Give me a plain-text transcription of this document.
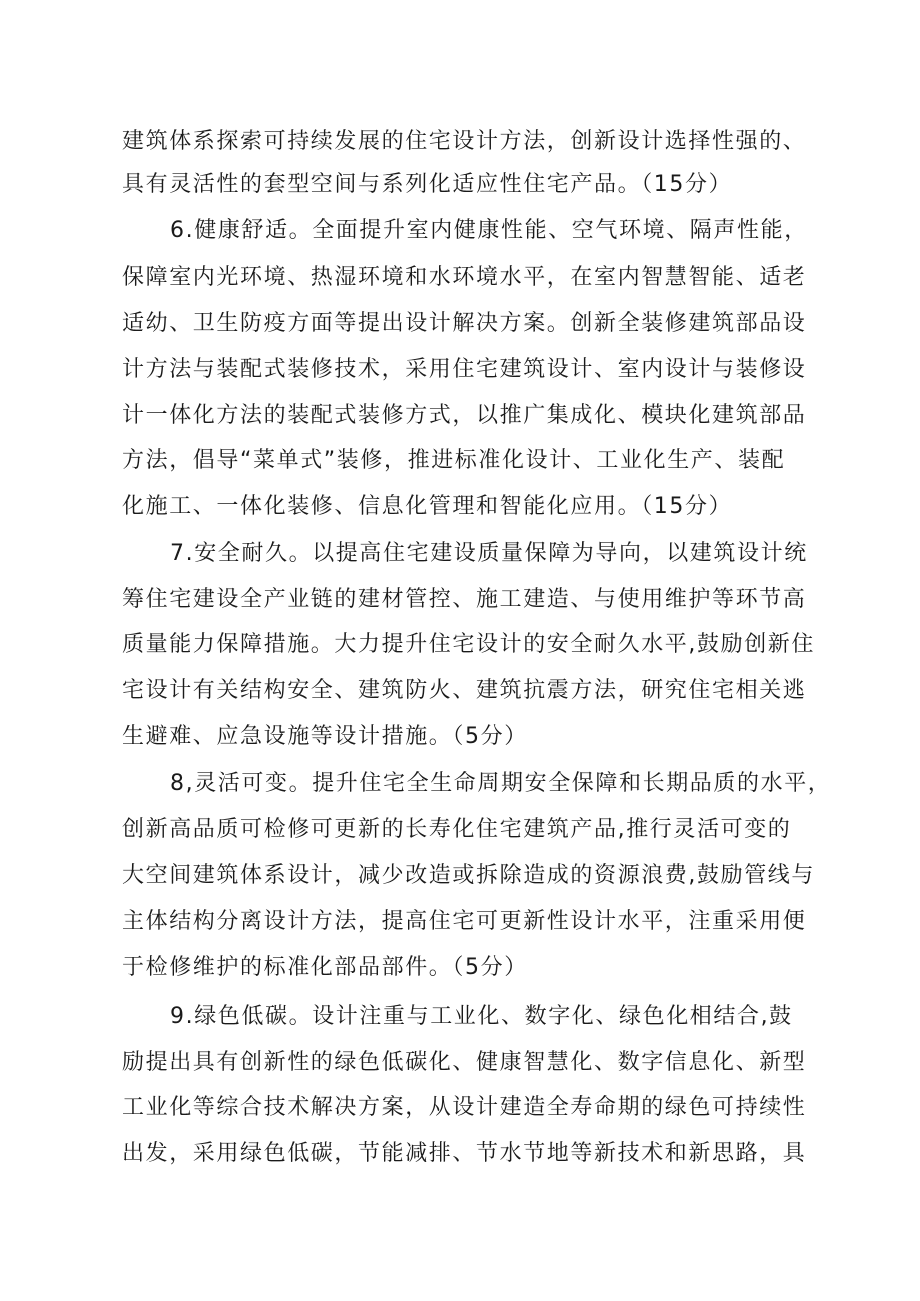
建筑体系探索可持续发展的住宅设计方法，创新设计选择性强的、
具有灵活性的套型空间与系列化适应性住宅产品。（15分）
6.健康舒适。全面提升室内健康性能、空气环境、隔声性能，
保障室内光环境、热湿环境和水环境水平，在室内智慧智能、适老
适幼、卫生防疫方面等提出设计解决方案。创新全装修建筑部品设
计方法与装配式装修技术，采用住宅建筑设计、室内设计与装修设
计一体化方法的装配式装修方式，以推广集成化、模块化建筑部品
方法，倡导“菜单式”装修，推进标准化设计、工业化生产、装配
化施工、一体化装修、信息化管理和智能化应用。（15分）
7.安全耐久。以提高住宅建设质量保障为导向，以建筑设计统
筹住宅建设全产业链的建材管控、施工建造、与使用维护等环节高
质量能力保障措施。大力提升住宅设计的安全耐久水平,鼓励创新住
宅设计有关结构安全、建筑防火、建筑抗震方法，研究住宅相关逃
生避难、应急设施等设计措施。（5分）
8,灵活可变。提升住宅全生命周期安全保障和长期品质的水平，
创新高品质可检修可更新的长寿化住宅建筑产品,推行灵活可变的
大空间建筑体系设计，减少改造或拆除造成的资源浪费,鼓励管线与
主体结构分离设计方法，提高住宅可更新性设计水平，注重采用便
于检修维护的标准化部品部件。（5分）
9.绿色低碳。设计注重与工业化、数字化、绿色化相结合,鼓
励提出具有创新性的绿色低碳化、健康智慧化、数字信息化、新型
工业化等综合技术解决方案，从设计建造全寿命期的绿色可持续性
出发，采用绿色低碳，节能减排、节水节地等新技术和新思路，具
